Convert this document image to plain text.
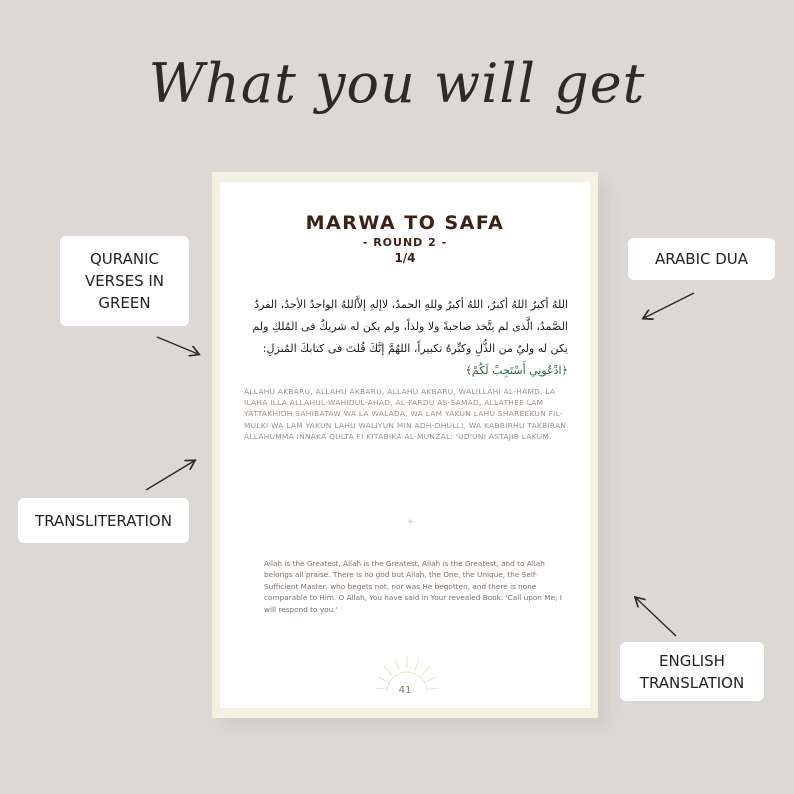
What you will get
QURANIC
VERSES IN
GREEN
ARABIC DUA
TRANSLITERATION
ENGLISH
TRANSLATION
MARWA TO SAFA
- ROUND 2 -
1/4
اللهُ أكبرُ اللهُ أكبرُ، اللهُ أكبرُ وللهِ الحمدُ، لاإلهِ إلاَّاللهُ الواحدُ الأحدُ، الفردُ الصَّمدُ، الَّذى لم يتَّخذ صاحبةً ولا ولداً، ولم يكن له شريكٌ فى المُلكِ ولم يكن له وليٌ من الذُّلِ وكبِّرهُ تكبيراً، اللهُمَّ إنَّكَ قُلتَ فى كتابكَ المُنزلِ: ﴿ادْعُونِي أَسْتَجِبْ لَكُمْ﴾
ALLAHU AKBARU, ALLAHU AKBARU, ALLAHU AKBARU, WALILLAHI AL-HAMD. LA ILAHA ILLA ALLAHUL-WAHIDUL-AHAD, AL-FARDU AS-SAMAD, ALLATHEE LAM YATTAKHIDH SAHIBATAW WA LA WALADA, WA LAM YAKUN LAHU SHAREEKUN FIL-MULKI WA LAM YAKUN LAHU WALIYUN MIN ADH-DHULLI, WA KABBIRHU TAKBIRAN. ALLAHUMMA INNAKA QULTA FI KITABIKA AL-MUNZAL: 'UD'UNI ASTAJIB LAKUM.
✦
Allah is the Greatest, Allah is the Greatest, Allah is the Greatest, and to Allah belongs all praise. There is no god but Allah, the One, the Unique, the Self-Sufficient Master, who begets not, nor was He begotten, and there is none comparable to Him. O Allah, You have said in Your revealed Book: 'Call upon Me; I will respond to you.'
41
